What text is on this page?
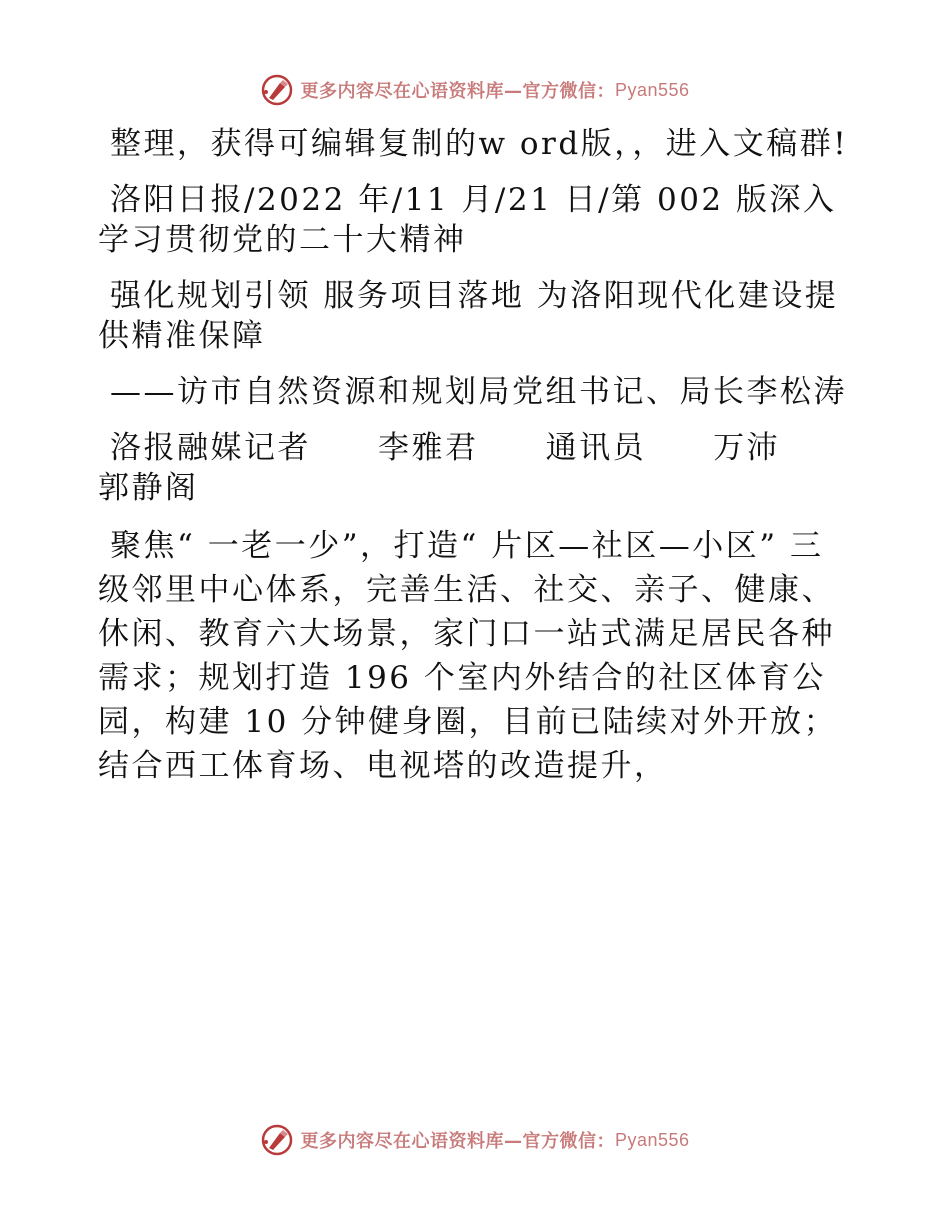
更多内容尽在心语资料库—官方微信： Pyan556

整理，获得可编辑复制的w ord版，，进入文稿群!

洛阳日报/2022 年/11 月/21 日/第 002 版深入学习贯彻党的二十大精神

强化规划引领 服务项目落地 为洛阳现代化建设提供精准保障

——访市自然资源和规划局党组书记、局长李松涛

洛报融媒记者   李雅君   通讯员   万沛   郭静阁

聚焦“ 一老一少”，打造“ 片区—社区—小区” 三级邻里中心体系，完善生活、社交、亲子、健康、休闲、教育六大场景，家门口一站式满足居民各种需求；规划打造 196 个室内外结合的社区体育公园，构建 10 分钟健身圈，目前已陆续对外开放；结合西工体育场、电视塔的改造提升，

更多内容尽在心语资料库—官方微信： Pyan556
